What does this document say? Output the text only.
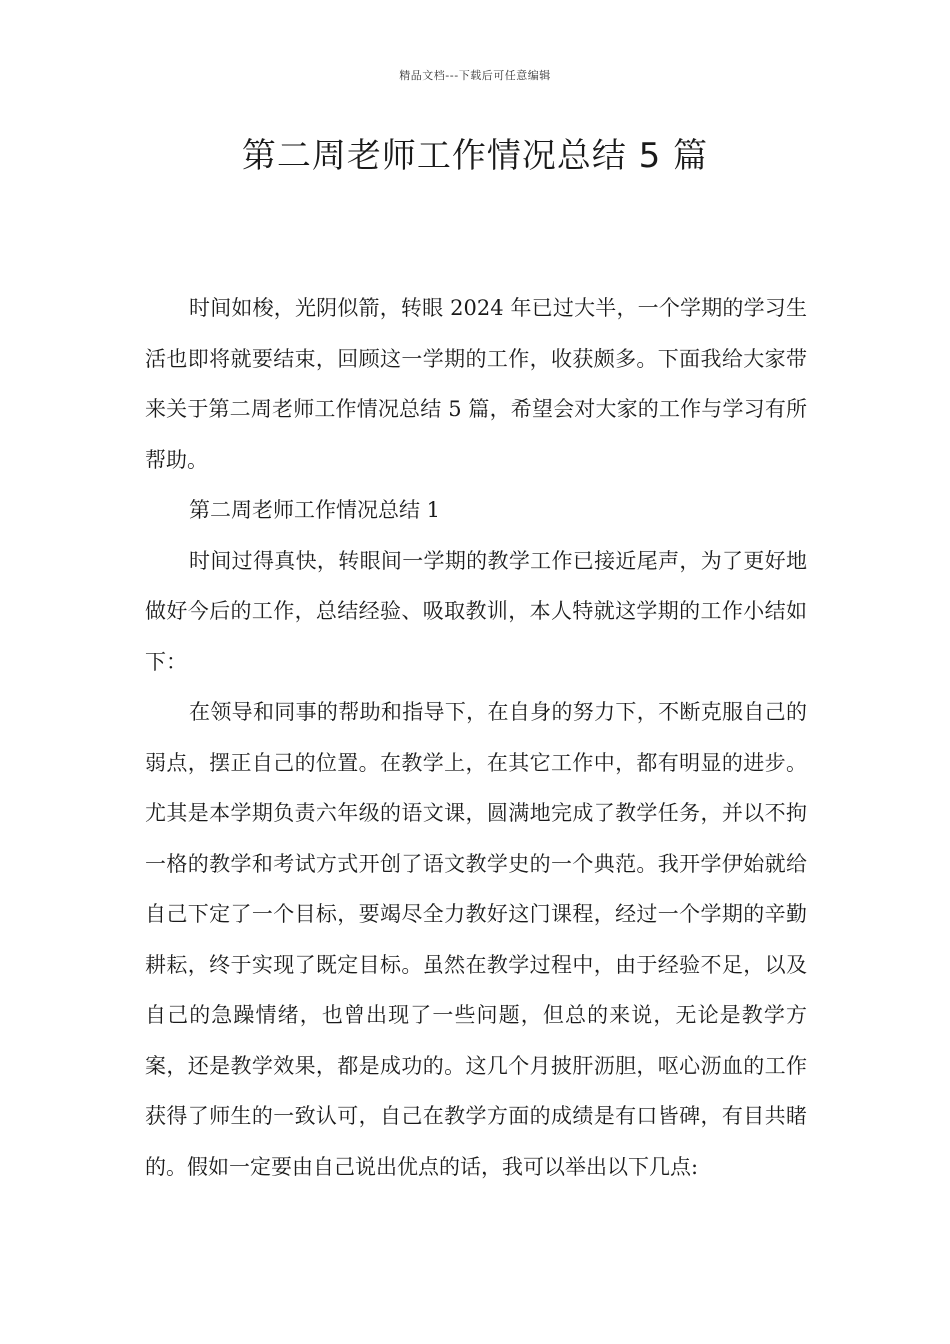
精品文档---下载后可任意编辑
第二周老师工作情况总结 5 篇

时间如梭，光阴似箭，转眼 2024 年已过大半，一个学期的学习生活也即将就要结束，回顾这一学期的工作，收获颇多。下面我给大家带来关于第二周老师工作情况总结 5 篇，希望会对大家的工作与学习有所帮助。

第二周老师工作情况总结 1

时间过得真快，转眼间一学期的教学工作已接近尾声，为了更好地做好今后的工作，总结经验、吸取教训，本人特就这学期的工作小结如下：

在领导和同事的帮助和指导下，在自身的努力下，不断克服自己的弱点，摆正自己的位置。在教学上，在其它工作中，都有明显的进步。尤其是本学期负责六年级的语文课，圆满地完成了教学任务，并以不拘一格的教学和考试方式开创了语文教学史的一个典范。我开学伊始就给自己下定了一个目标，要竭尽全力教好这门课程，经过一个学期的辛勤耕耘，终于实现了既定目标。虽然在教学过程中，由于经验不足，以及自己的急躁情绪，也曾出现了一些问题，但总的来说，无论是教学方案，还是教学效果，都是成功的。这几个月披肝沥胆，呕心沥血的工作获得了师生的一致认可，自己在教学方面的成绩是有口皆碑，有目共睹的。假如一定要由自己说出优点的话，我可以举出以下几点:
